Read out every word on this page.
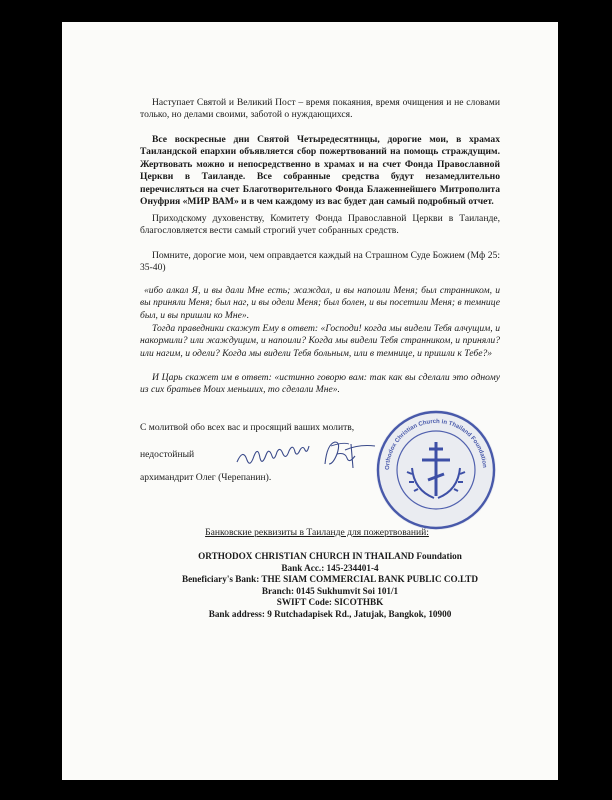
Наступает Святой и Великий Пост – время покаяния, время очищения и не словами только, но делами своими, заботой о нуждающихся.
Все воскресные дни Святой Четыредесятницы, дорогие мои, в храмах Таиландской епархии объявляется сбор пожертвований на помощь страждущим. Жертвовать можно и непосредственно в храмах и на счет Фонда Православной Церкви в Таиланде. Все собранные средства будут незамедлительно перечисляться на счет Благотворительного Фонда Блаженнейшего Митрополита Онуфрия «МИР ВАМ» и в чем каждому из вас будет дан самый подробный отчет.
Приходскому духовенству, Комитету Фонда Православной Церкви в Таиланде, благословляется вести самый строгий учет собранных средств.
Помните, дорогие мои, чем оправдается каждый на Страшном Суде Божием (Мф 25: 35-40)
«ибо алкал Я, и вы дали Мне есть; жаждал, и вы напоили Меня; был странником, и вы приняли Меня; был наг, и вы одели Меня; был болен, и вы посетили Меня; в темнице был, и вы пришли ко Мне».
Тогда праведники скажут Ему в ответ: «Господи! когда мы видели Тебя алчущим, и накормили? или жаждущим, и напоили? Когда мы видели Тебя странником, и приняли? или нагим, и одели? Когда мы видели Тебя больным, или в темнице, и пришли к Тебе?»
И Царь скажет им в ответ: «истинно говорю вам: так как вы сделали это одному из сих братьев Моих меньших, то сделали Мне».
С молитвой обо всех вас и просящий ваших молитв,
недостойный
архимандрит Олег (Черепанин).
Orthodox Christian Church in Thailand Foundation
Банковские реквизиты в Таиланде для пожертвований:
ORTHODOX CHRISTIAN CHURCH IN THAILAND Foundation
Bank Acc.: 145-234401-4
Beneficiary's Bank: THE SIAM COMMERCIAL BANK PUBLIC CO.LTD
Branch: 0145 Sukhumvit Soi 101/1
SWIFT Code: SICOTHBK
Bank address: 9 Rutchadapisek Rd., Jatujak, Bangkok, 10900
